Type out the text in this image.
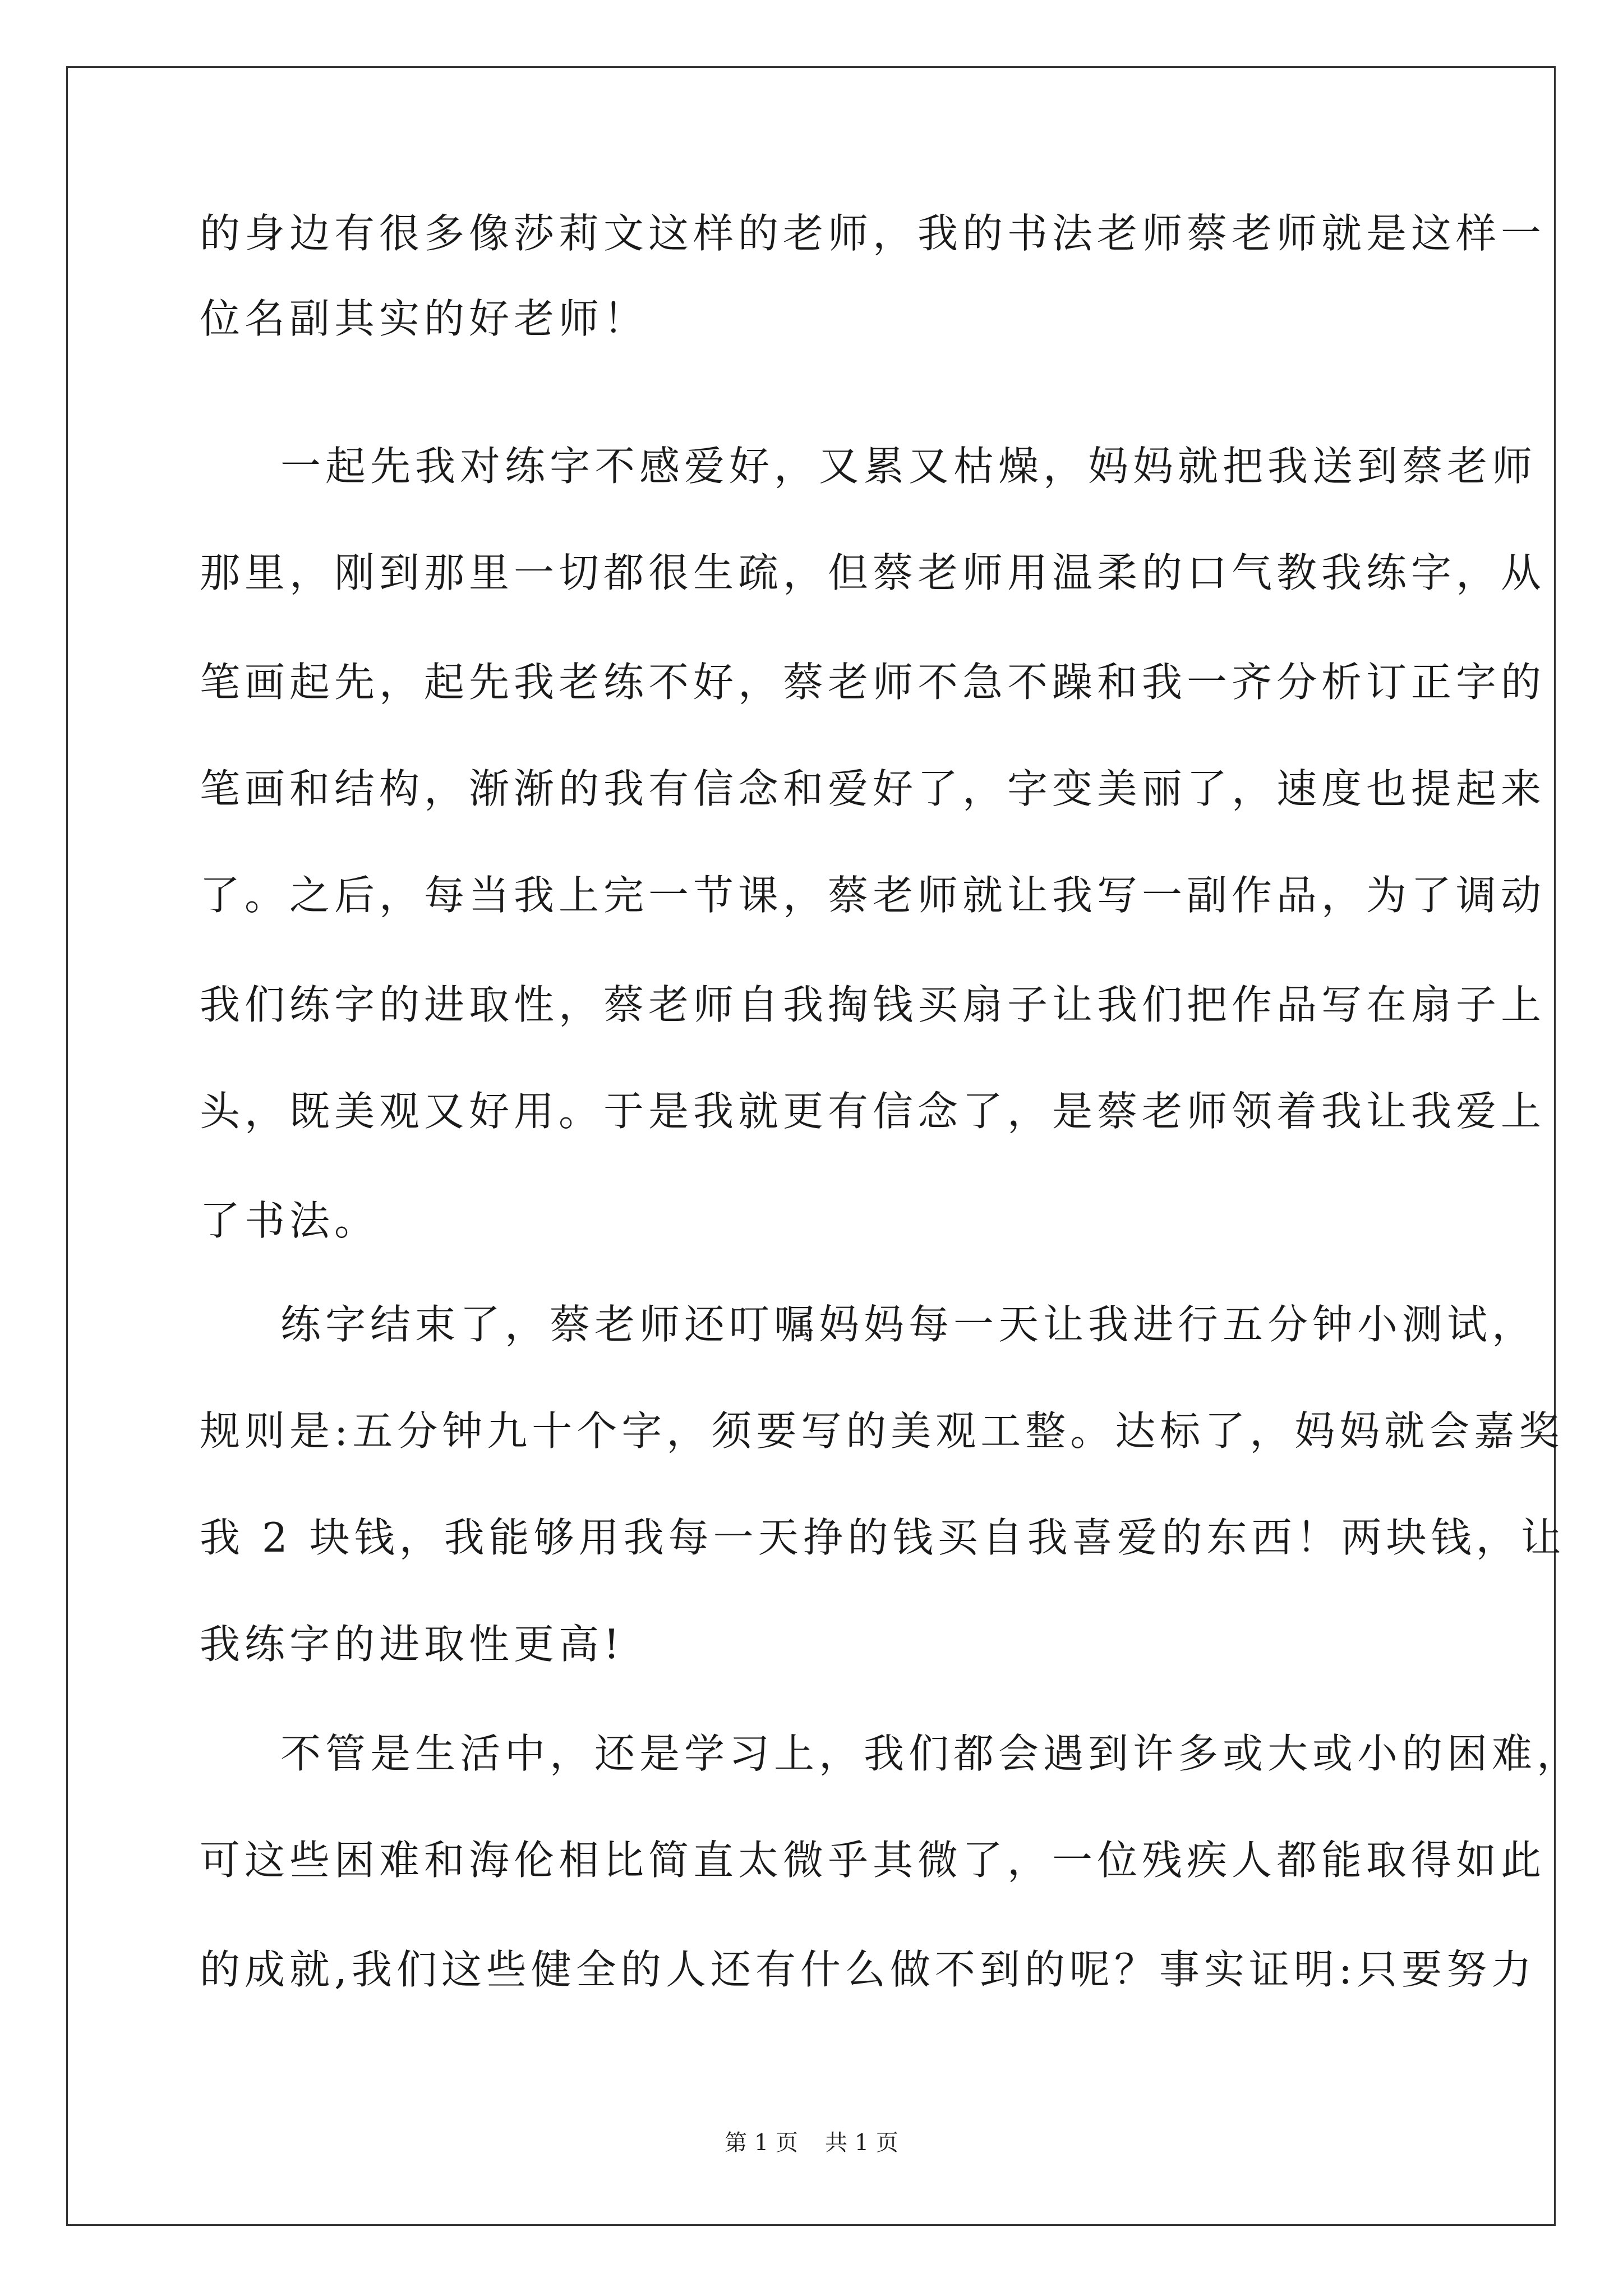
的身边有很多像莎莉文这样的老师，我的书法老师蔡老师就是这样一
位名副其实的好老师！
一起先我对练字不感爱好，又累又枯燥，妈妈就把我送到蔡老师
那里，刚到那里一切都很生疏，但蔡老师用温柔的口气教我练字，从
笔画起先，起先我老练不好，蔡老师不急不躁和我一齐分析订正字的
笔画和结构，渐渐的我有信念和爱好了，字变美丽了，速度也提起来
了。之后，每当我上完一节课，蔡老师就让我写一副作品，为了调动
我们练字的进取性，蔡老师自我掏钱买扇子让我们把作品写在扇子上
头，既美观又好用。于是我就更有信念了，是蔡老师领着我让我爱上
了书法。
练字结束了，蔡老师还叮嘱妈妈每一天让我进行五分钟小测试，
规则是:五分钟九十个字，须要写的美观工整。达标了，妈妈就会嘉奖
我 2 块钱，我能够用我每一天挣的钱买自我喜爱的东西！两块钱，让
我练字的进取性更高!
不管是生活中，还是学习上，我们都会遇到许多或大或小的困难，
可这些困难和海伦相比简直太微乎其微了，一位残疾人都能取得如此
的成就,我们这些健全的人还有什么做不到的呢？事实证明:只要努力
第 1 页 共 1 页
